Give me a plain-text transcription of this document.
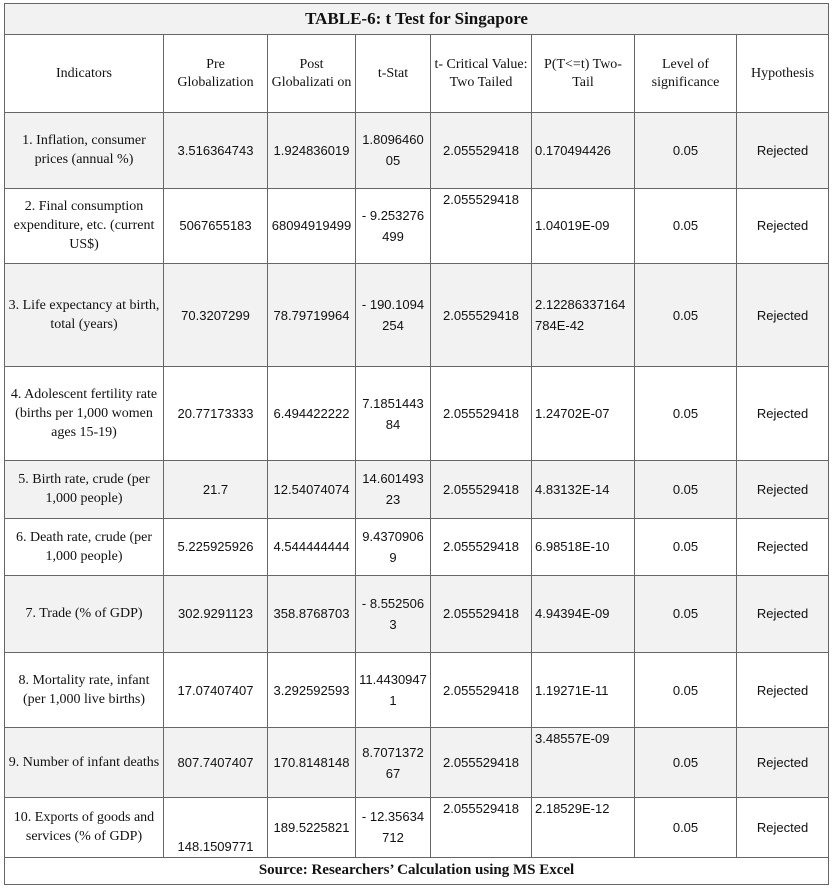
TABLE-6: t Test for Singapore							
Indicators	Pre Globalization	Post Globalizati on	t-Stat	t- Critical Value: Two Tailed	P(T<=t) Two-Tail	Level of significance	Hypothesis
1. Inflation, consumer prices (annual %)	3.516364743	1.924836019	1.809646005	2.055529418	0.170494426	0.05	Rejected
2. Final consumption expenditure, etc. (current US$)	5067655183	68094919499	- 9.253276499	2.055529418	1.04019E-09	0.05	Rejected
3. Life expectancy at birth, total (years)	70.3207299	78.79719964	- 190.1094254	2.055529418	2.12286337164784E-42	0.05	Rejected
4. Adolescent fertility rate (births per 1,000 women ages 15-19)	20.77173333	6.494422222	7.185144384	2.055529418	1.24702E-07	0.05	Rejected
5. Birth rate, crude (per 1,000 people)	21.7	12.54074074	14.60149323	2.055529418	4.83132E-14	0.05	Rejected
6. Death rate, crude (per 1,000 people)	5.225925926	4.544444444	9.43709069	2.055529418	6.98518E-10	0.05	Rejected
7. Trade (% of GDP)	302.9291123	358.8768703	- 8.5525063	2.055529418	4.94394E-09	0.05	Rejected
8. Mortality rate, infant (per 1,000 live births)	17.07407407	3.292592593	11.44309471	2.055529418	1.19271E-11	0.05	Rejected
9. Number of infant deaths	807.7407407	170.8148148	8.707137267	2.055529418	3.48557E-09	0.05	Rejected
10. Exports of goods and services (% of GDP)	148.1509771	189.5225821	- 12.35634712	2.055529418	2.18529E-12	0.05	Rejected
Source: Researchers’ Calculation using MS Excel							
